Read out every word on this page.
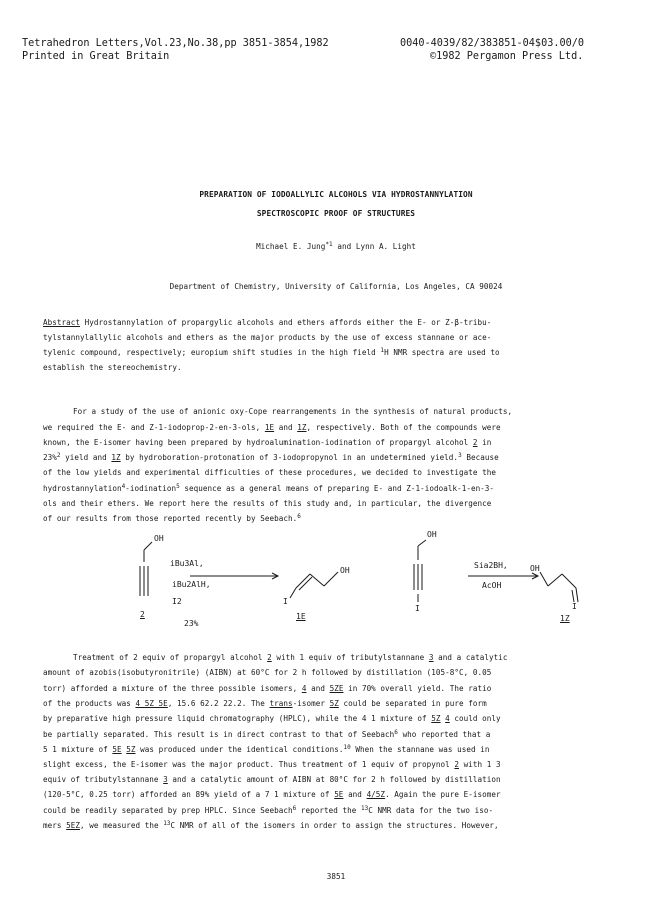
Tetrahedron Letters,Vol.23,No.38,pp 3851-3854,1982	0040-4039/82/383851-04$03.00/0
Printed in Great Britain	©1982 Pergamon Press Ltd.
PREPARATION OF IODOALLYLIC ALCOHOLS VIA HYDROSTANNYLATION
SPECTROSCOPIC PROOF OF STRUCTURES
Michael E. Jung$^{*1}$ and Lynn A. Light
Department of Chemistry, University of California, Los Angeles, CA 90024
Abstract Hydrostannylation of propargylic alcohols and ethers affords either the E- or Z-β-tribu-
tylstannylallylic alcohols and ethers as the major products by the use of excess stannane or ace-
tylenic compound, respectively; europium shift studies in the high field $^1$H NMR spectra are used to
establish the stereochemistry.
For a study of the use of anionic oxy-Cope rearrangements in the synthesis of natural products,
we required the E- and Z-1-iodoprop-2-en-3-ols, 1E and 1Z, respectively. Both of the compounds were
known, the E-isomer having been prepared by hydroalumination-iodination of propargyl alcohol 2 in
23%$^2$ yield and 1Z by hydroboration-protonation of 3-iodopropynol in an undetermined yield.$^3$ Because
of the low yields and experimental difficulties of these procedures, we decided to investigate the
hydrostannylation$^4$-iodination$^5$ sequence as a general means of preparing E- and Z-1-iodoalk-1-en-3-
ols and their ethers. We report here the results of this study and, in particular, the divergence
of our results from those reported recently by Seebach.$^6$
OH
iBu3Al,
iBu2AlH,
I2
23%
2
OH
I
1E
OH
Sia2BH,
AcOH
I
OH
I
1Z
Treatment of 2 equiv of propargyl alcohol 2 with 1 equiv of tributylstannane 3 and a catalytic
amount of azobis(isobutyronitrile) (AIBN) at 60°C for 2 h followed by distillation (105-8°C, 0.05
torr) afforded a mixture of the three possible isomers, 4 and 5ZE in 70% overall yield. The ratio
of the products was 4 5Z 5E, 15.6 62.2 22.2. The trans-isomer 5Z could be separated in pure form
by preparative high pressure liquid chromatography (HPLC), while the 4 1 mixture of 5Z 4 could only
be partially separated. This result is in direct contrast to that of Seebach$^6$ who reported that a
5 1 mixture of 5E 5Z was produced under the identical conditions.$^{10}$ When the stannane was used in
slight excess, the E-isomer was the major product. Thus treatment of 1 equiv of propynol 2 with 1 3
equiv of tributylstannane 3 and a catalytic amount of AIBN at 80°C for 2 h followed by distillation
(120-5°C, 0.25 torr) afforded an 89% yield of a 7 1 mixture of 5E and 4/5Z. Again the pure E-isomer
could be readily separated by prep HPLC. Since Seebach$^6$ reported the $^{13}$C NMR data for the two iso-
mers 5EZ, we measured the $^{13}$C NMR of all of the isomers in order to assign the structures. However,
3851
